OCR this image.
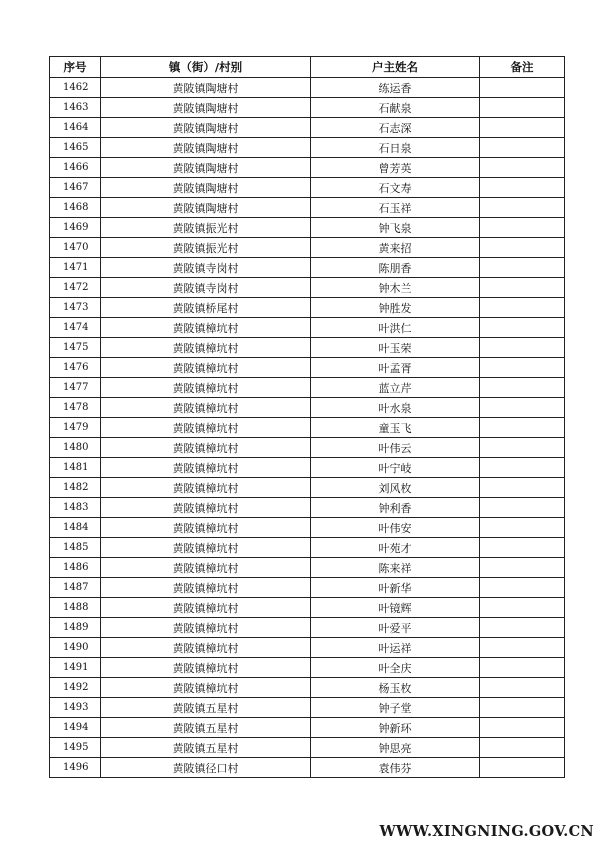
序号	镇（街）/村别	户主姓名	备注
1462	黄陂镇陶塘村	练运香	
1463	黄陂镇陶塘村	石献泉	
1464	黄陂镇陶塘村	石志深	
1465	黄陂镇陶塘村	石日泉	
1466	黄陂镇陶塘村	曾芳英	
1467	黄陂镇陶塘村	石文寿	
1468	黄陂镇陶塘村	石玉祥	
1469	黄陂镇振光村	钟飞泉	
1470	黄陂镇振光村	黄来招	
1471	黄陂镇寺岗村	陈朋香	
1472	黄陂镇寺岗村	钟木兰	
1473	黄陂镇桥尾村	钟胜发	
1474	黄陂镇樟坑村	叶洪仁	
1475	黄陂镇樟坑村	叶玉荣	
1476	黄陂镇樟坑村	叶孟胥	
1477	黄陂镇樟坑村	蓝立芹	
1478	黄陂镇樟坑村	叶水泉	
1479	黄陂镇樟坑村	童玉飞	
1480	黄陂镇樟坑村	叶伟云	
1481	黄陂镇樟坑村	叶宁岐	
1482	黄陂镇樟坑村	刘风枚	
1483	黄陂镇樟坑村	钟利香	
1484	黄陂镇樟坑村	叶伟安	
1485	黄陂镇樟坑村	叶苑才	
1486	黄陂镇樟坑村	陈来祥	
1487	黄陂镇樟坑村	叶新华	
1488	黄陂镇樟坑村	叶镜辉	
1489	黄陂镇樟坑村	叶爱平	
1490	黄陂镇樟坑村	叶运祥	
1491	黄陂镇樟坑村	叶全庆	
1492	黄陂镇樟坑村	杨玉枚	
1493	黄陂镇五星村	钟子堂	
1494	黄陂镇五星村	钟新环	
1495	黄陂镇五星村	钟思亮	
1496	黄陂镇径口村	袁伟芬	
WWW.XINGNING.GOV.CN
